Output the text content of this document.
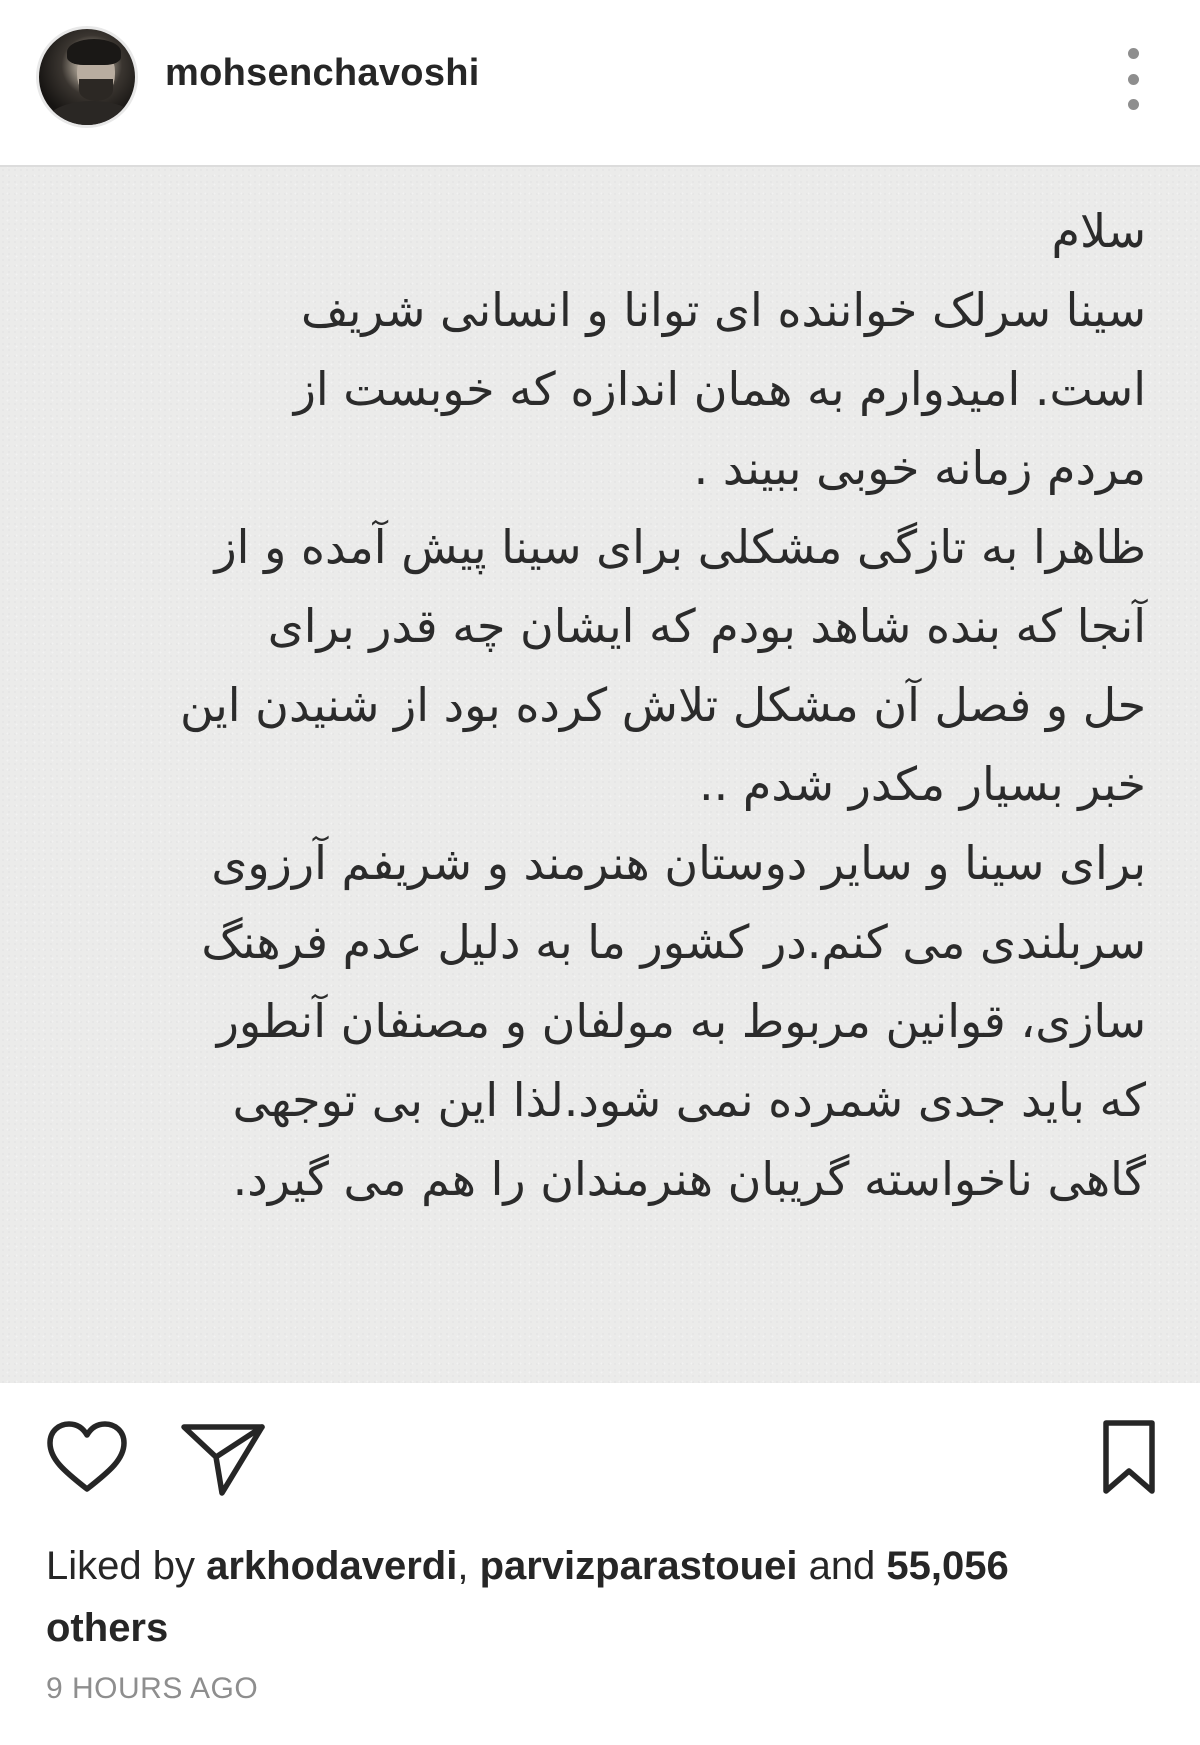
mohsenchavoshi
سلام
سینا سرلک خواننده ای توانا و انسانی شریف
است. امیدوارم به همان اندازه که خوبست از
مردم زمانه خوبی ببیند .
ظاهرا به تازگی مشکلی برای سینا پیش آمده و از
آنجا که بنده شاهد بودم که ایشان چه قدر برای
حل و فصل آن مشکل تلاش کرده بود از شنیدن این
خبر بسیار مکدر شدم ..
برای سینا و سایر دوستان هنرمند و شریفم آرزوی
سربلندی می کنم.در کشور ما به دلیل عدم فرهنگ
سازی، قوانین مربوط به مولفان و مصنفان آنطور
که باید جدی شمرده نمی شود.لذا این بی توجهی
گاهی ناخواسته گریبان هنرمندان را هم می گیرد.
Liked by arkhodaverdi, parvizparastouei and 55,056
others
9 HOURS AGO
